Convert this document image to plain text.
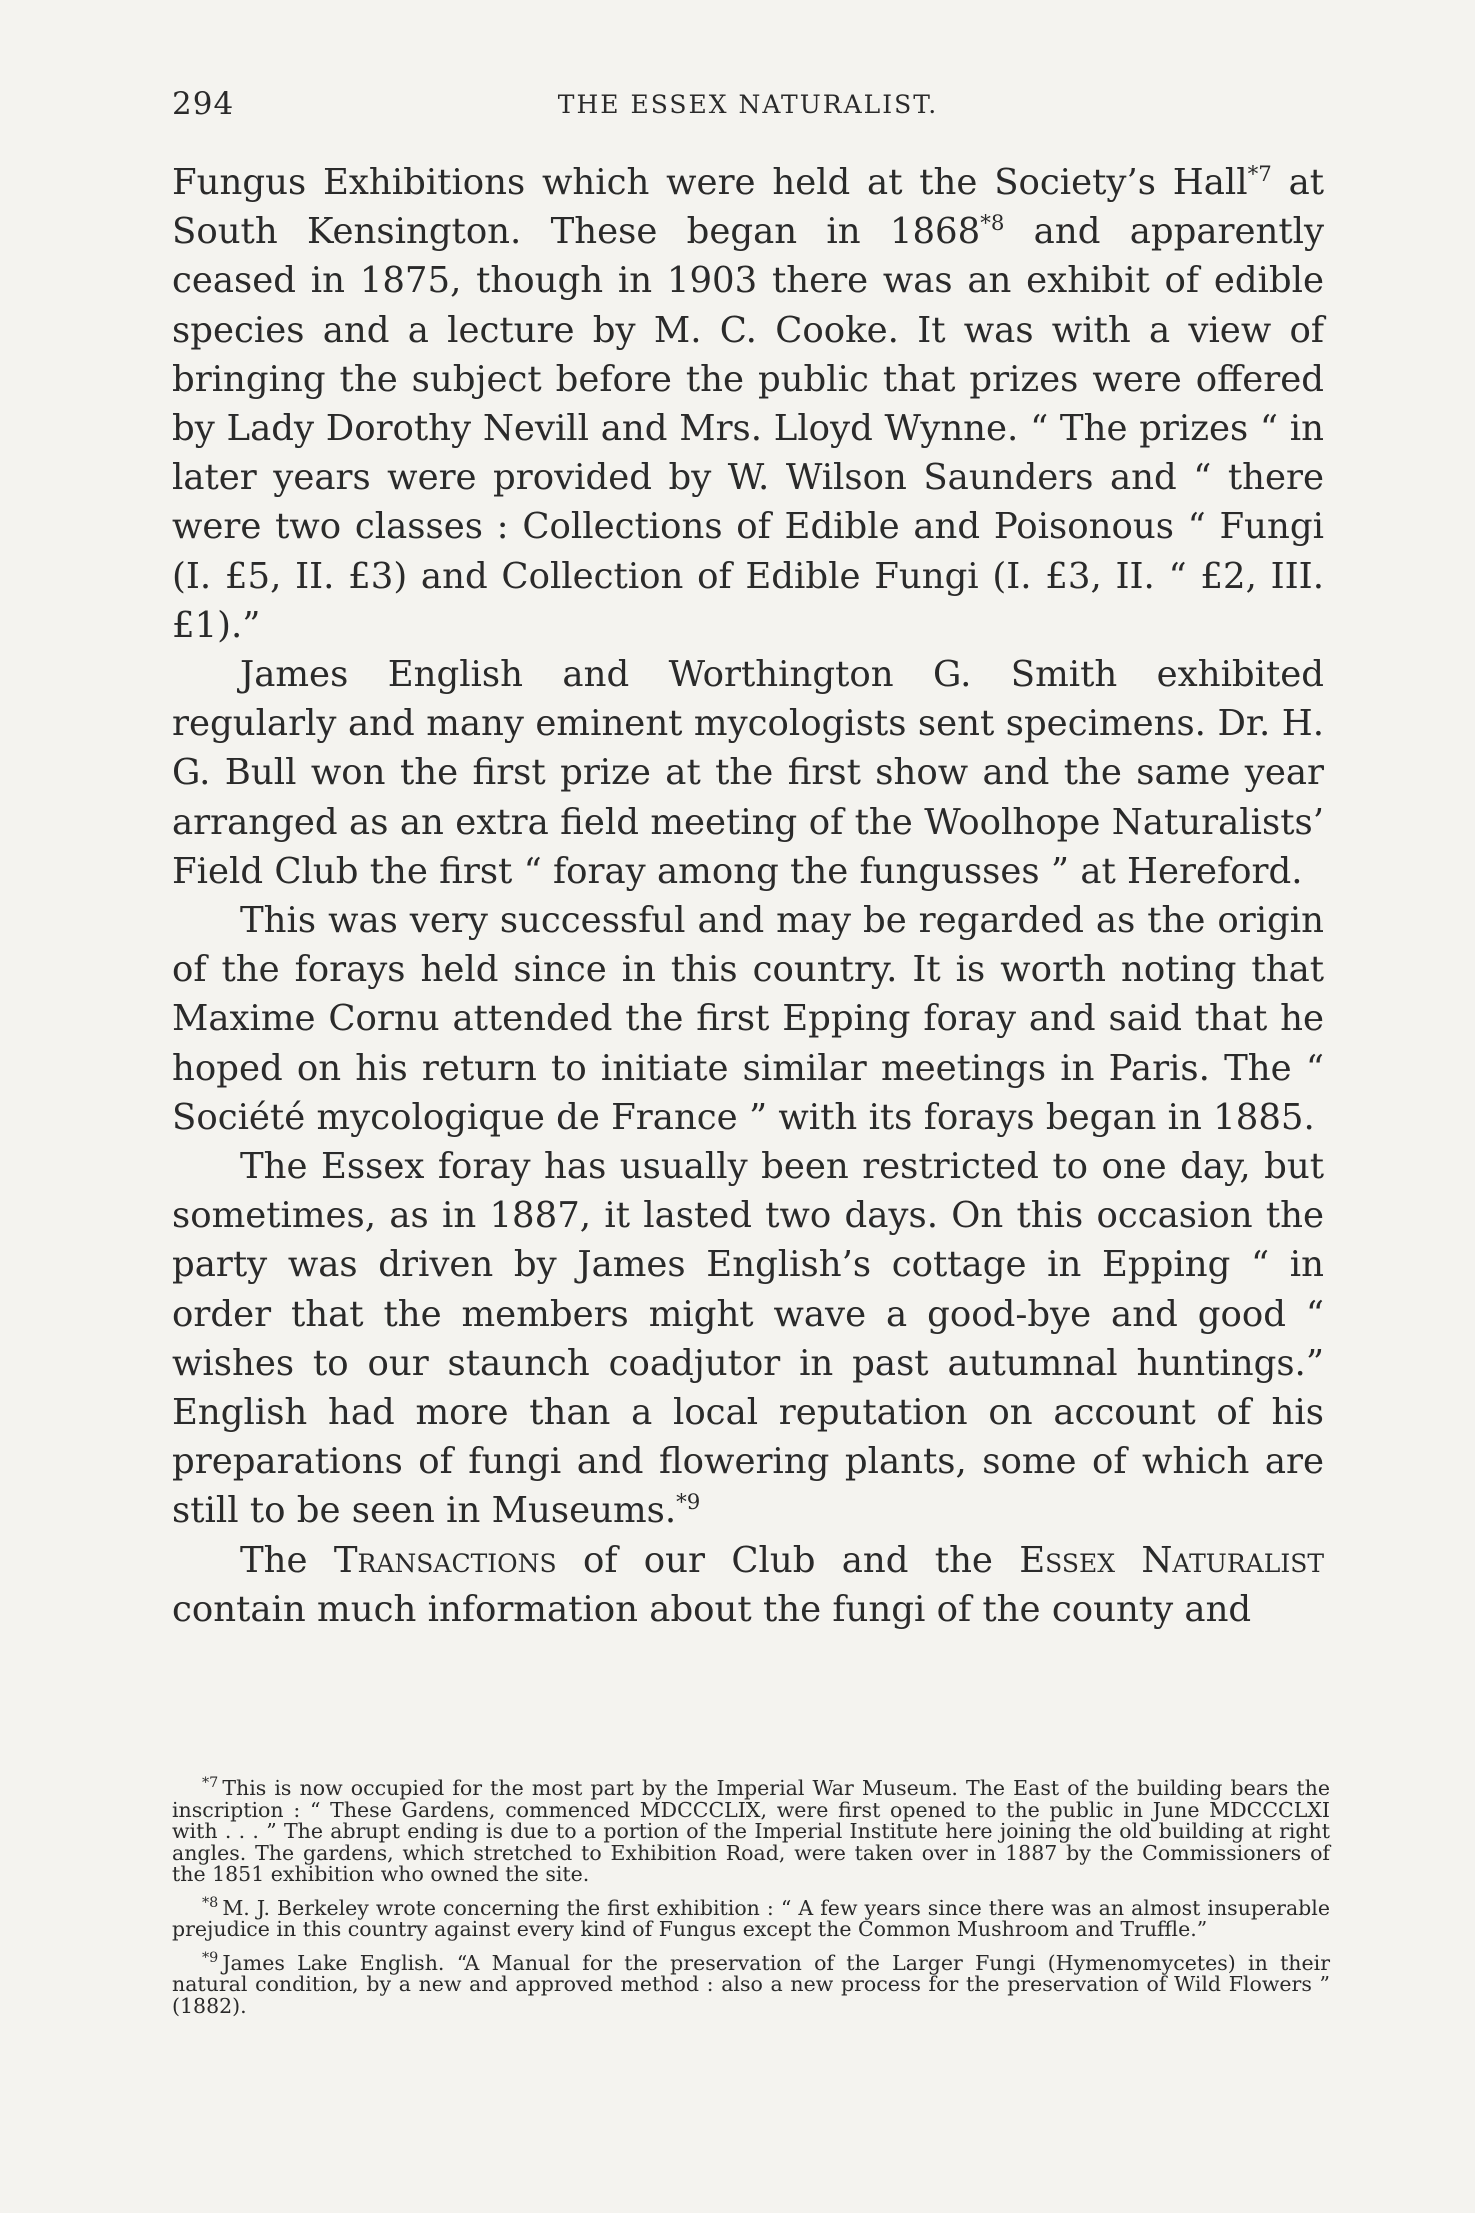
294	THE ESSEX NATURALIST.

Fungus Exhibitions which were held at the Society’s Hall$^{*7}$ at South Kensington. These began in 1868$^{*8}$ and apparently ceased in 1875, though in 1903 there was an exhibit of edible species and a lecture by M. C. Cooke. It was with a view of bringing the subject before the public that prizes were offered by Lady Dorothy Nevill and Mrs. Lloyd Wynne. “ The prizes “ in later years were provided by W. Wilson Saunders and “ there were two classes : Collections of Edible and Poisonous “ Fungi (I. £5, II. £3) and Collection of Edible Fungi (I. £3, II. “ £2, III. £1).”

James English and Worthington G. Smith exhibited regularly and many eminent mycologists sent specimens. Dr. H. G. Bull won the first prize at the first show and the same year arranged as an extra field meeting of the Woolhope Naturalists’ Field Club the first “ foray among the fungusses ” at Hereford.

This was very successful and may be regarded as the origin of the forays held since in this country. It is worth noting that Maxime Cornu attended the first Epping foray and said that he hoped on his return to initiate similar meetings in Paris. The “ Société mycologique de France ” with its forays began in 1885.

The Essex foray has usually been restricted to one day, but sometimes, as in 1887, it lasted two days. On this occasion the party was driven by James English’s cottage in Epping “ in order that the members might wave a good-bye and good “ wishes to our staunch coadjutor in past autumnal huntings.” English had more than a local reputation on account of his preparations of fungi and flowering plants, some of which are still to be seen in Museums.$^{*9}$

The Transactions of our Club and the Essex Naturalist contain much information about the fungi of the county and

$^{*7}$ This is now occupied for the most part by the Imperial War Museum. The East of the building bears the inscription : “ These Gardens, commenced MDCCCLIX, were first opened to the public in June MDCCCLXI with . . . ” The abrupt ending is due to a portion of the Imperial Institute here joining the old building at right angles. The gardens, which stretched to Exhibition Road, were taken over in 1887 by the Commissioners of the 1851 exhibition who owned the site.

$^{*8}$ M. J. Berkeley wrote concerning the first exhibition : “ A few years since there was an almost insuperable prejudice in this country against every kind of Fungus except the Common Mushroom and Truffle.”

$^{*9}$ James Lake English. “A Manual for the preservation of the Larger Fungi (Hymenomycetes) in their natural condition, by a new and approved method : also a new process for the preservation of Wild Flowers ” (1882).
